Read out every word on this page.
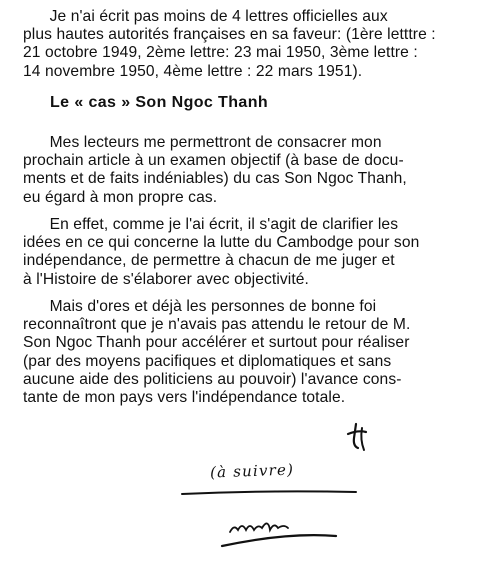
Je n'ai écrit pas moins de 4 lettres officielles aux
plus hautes autorités françaises en sa faveur: (1ère letttre :
21 octobre 1949, 2ème lettre: 23 mai 1950, 3ème lettre :
14 novembre 1950, 4ème lettre : 22 mars 1951).

Le « cas » Son Ngoc Thanh

Mes lecteurs me permettront de consacrer mon
prochain article à un examen objectif (à base de docu-
ments et de faits indéniables) du cas Son Ngoc Thanh,
eu égard à mon propre cas.

En effet, comme je l'ai écrit, il s'agit de clarifier les
idées en ce qui concerne la lutte du Cambodge pour son
indépendance, de permettre à chacun de me juger et
à l'Histoire de s'élaborer avec objectivité.

Mais d'ores et déjà les personnes de bonne foi
reconnaîtront que je n'avais pas attendu le retour de M.
Son Ngoc Thanh pour accélérer et surtout pour réaliser
(par des moyens pacifiques et diplomatiques et sans
aucune aide des politiciens au pouvoir) l'avance cons-
tante de mon pays vers l'indépendance totale.

(à suivre)
